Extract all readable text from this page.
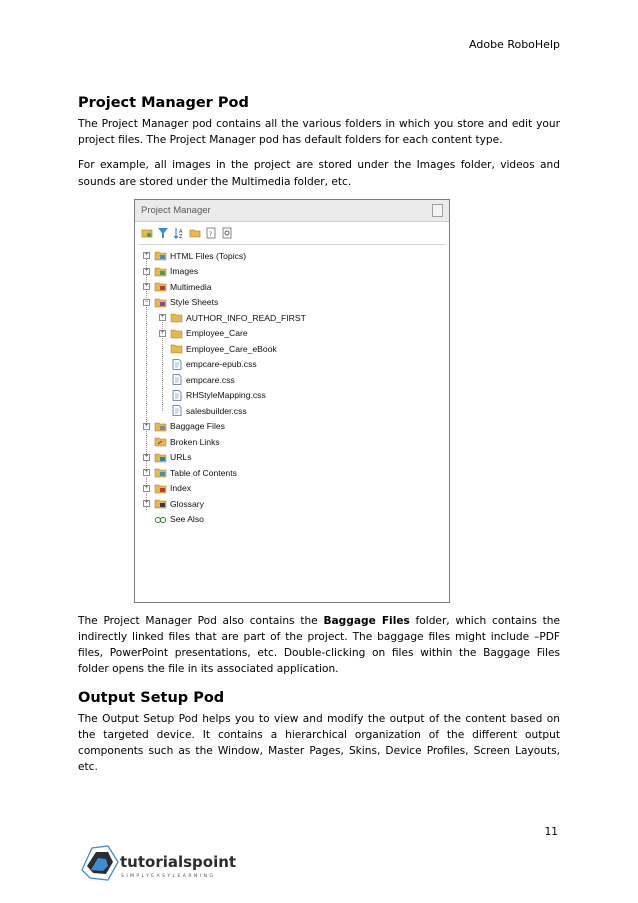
Adobe RoboHelp
Project Manager Pod

The Project Manager pod contains all the various folders in which you store and edit your project files. The Project Manager pod has default folders for each content type.

For example, all images in the project are stored under the Images folder, videos and sounds are stored under the Multimedia folder, etc.

Project Manager
A
Z	?
+	HTML Files (Topics)
+	Images
+	Multimedia
−	Style Sheets
+	AUTHOR_INFO_READ_FIRST
+	Employee_Care
Employee_Care_eBook
empcare-epub.css
empcare.css
RHStyleMapping.css
salesbuilder.css
+	Baggage Files
Broken Links
+	URLs
+	Table of Contents
+	Index
+	Glossary
See Also

The Project Manager Pod also contains the Baggage Files folder, which contains the indirectly linked files that are part of the project. The baggage files might include –PDF files, PowerPoint presentations, etc. Double-clicking on files within the Baggage Files folder opens the file in its associated application.

Output Setup Pod

The Output Setup Pod helps you to view and modify the output of the content based on the targeted device. It contains a hierarchical organization of the different output components such as the Window, Master Pages, Skins, Device Profiles, Screen Layouts, etc.

11
tutorialspoint
SIMPLYEASYLEARNING
